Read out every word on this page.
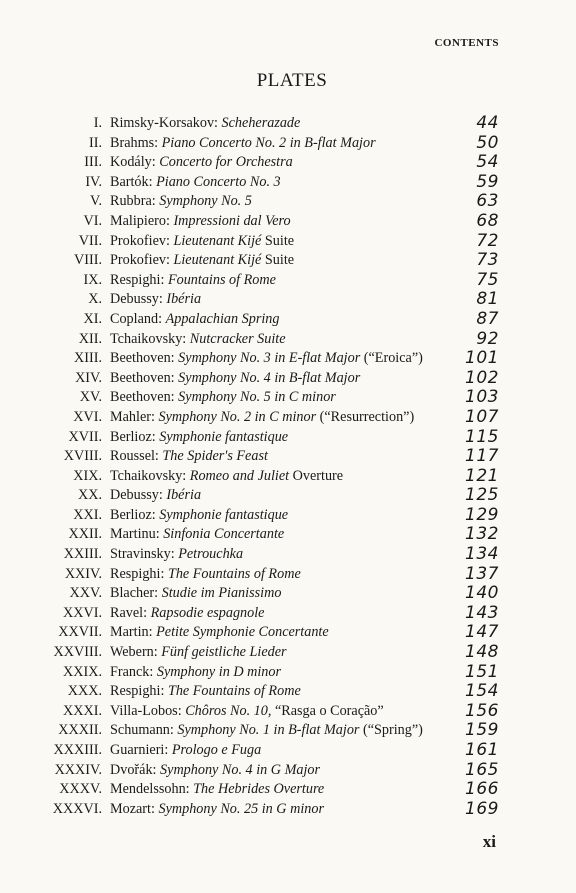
CONTENTS
PLATES
I. Rimsky-Korsakov: Scheherazade	44
II. Brahms: Piano Concerto No. 2 in B-flat Major	50
III. Kodály: Concerto for Orchestra	54
IV. Bartók: Piano Concerto No. 3	59
V. Rubbra: Symphony No. 5	63
VI. Malipiero: Impressioni dal Vero	68
VII. Prokofiev: Lieutenant Kijé Suite	72
VIII. Prokofiev: Lieutenant Kijé Suite	73
IX. Respighi: Fountains of Rome	75
X. Debussy: Ibéria	81
XI. Copland: Appalachian Spring	87
XII. Tchaikovsky: Nutcracker Suite	92
XIII. Beethoven: Symphony No. 3 in E-flat Major (“Eroica”) 101
XIV. Beethoven: Symphony No. 4 in B-flat Major	102
XV. Beethoven: Symphony No. 5 in C minor	103
XVI. Mahler: Symphony No. 2 in C minor (“Resurrection”)	107
XVII. Berlioz: Symphonie fantastique	115
XVIII. Roussel: The Spider's Feast	117
XIX. Tchaikovsky: Romeo and Juliet Overture	121
XX. Debussy: Ibéria	125
XXI. Berlioz: Symphonie fantastique	129
XXII. Martinu: Sinfonia Concertante	132
XXIII. Stravinsky: Petrouchka	134
XXIV. Respighi: The Fountains of Rome	137
XXV. Blacher: Studie im Pianissimo	140
XXVI. Ravel: Rapsodie espagnole	143
XXVII. Martin: Petite Symphonie Concertante	147
XXVIII. Webern: Fünf geistliche Lieder	148
XXIX. Franck: Symphony in D minor	151
XXX. Respighi: The Fountains of Rome	154
XXXI. Villa-Lobos: Chôros No. 10, “Rasga o Coração”	156
XXXII. Schumann: Symphony No. 1 in B-flat Major (“Spring”) 159
XXXIII. Guarnieri: Prologo e Fuga	161
XXXIV. Dvořák: Symphony No. 4 in G Major	165
XXXV. Mendelssohn: The Hebrides Overture	166
XXXVI. Mozart: Symphony No. 25 in G minor	169
xi
